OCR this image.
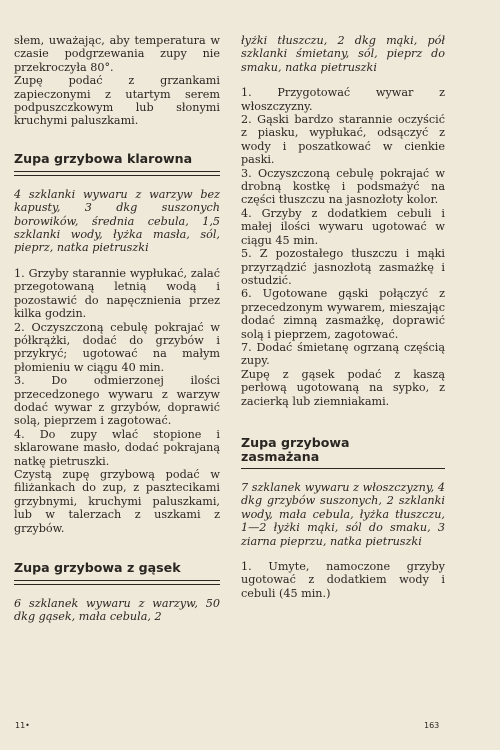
słem, uważając, aby temperatura w czasie podgrzewania zupy nie przekroczyła 80°.

Zupę podać z grzankami zapieczonymi z utartym serem podpuszczkowym lub słonymi kruchymi paluszkami.

Zupa grzybowa klarowna

4 szklanki wywaru z warzyw bez kapusty, 3 dkg suszonych borowików, średnia cebula, 1,5 szklanki wody, łyżka masła, sól, pieprz, natka pietruszki

1. Grzyby starannie wypłukać, zalać przegotowaną letnią wodą i pozostawić do napęcznienia przez kilka godzin.

2. Oczyszczoną cebulę pokrajać w półkrążki, dodać do grzybów i przykryć; ugotować na małym płomieniu w ciągu 40 min.

3. Do odmierzonej ilości przecedzonego wywaru z warzyw dodać wywar z grzybów, doprawić solą, pieprzem i zagotować.

4. Do zupy wlać stopione i sklarowane masło, dodać pokrajaną natkę pietruszki.

Czystą zupę grzybową podać w filiżankach do zup, z pasztecikami grzybnymi, kruchymi paluszkami, lub w talerzach z uszkami z grzybów.

Zupa grzybowa z gąsek

6 szklanek wywaru z warzyw, 50 dkg gąsek, mała cebula, 2

łyżki tłuszczu, 2 dkg mąki, pół szklanki śmietany, sól, pieprz do smaku, natka pietruszki

1. Przygotować wywar z włoszczyzny.

2. Gąski bardzo starannie oczyścić z piasku, wypłukać, odsączyć z wody i poszatkować w cienkie paski.

3. Oczyszczoną cebulę pokrajać w drobną kostkę i podsmażyć na części tłuszczu na jasnozłoty kolor.

4. Grzyby z dodatkiem cebuli i małej ilości wywaru ugotować w ciągu 45 min.

5. Z pozostałego tłuszczu i mąki przyrządzić jasnozłotą zasmażkę i ostudzić.

6. Ugotowane gąski połączyć z przecedzonym wywarem, mieszając dodać zimną zasmażkę, doprawić solą i pieprzem, zagotować.

7. Dodać śmietanę ogrzaną częścią zupy.

Zupę z gąsek podać z kaszą perłową ugotowaną na sypko, z zacierką lub ziemniakami.

Zupa grzybowa
zasmażana

7 szklanek wywaru z włoszczyzny, 4 dkg grzybów suszonych, 2 szklanki wody, mała cebula, łyżka tłuszczu, 1—2 łyżki mąki, sól do smaku, 3 ziarna pieprzu, natka pietruszki

1. Umyte, namoczone grzyby ugotować z dodatkiem wody i cebuli (45 min.)

11•	163
